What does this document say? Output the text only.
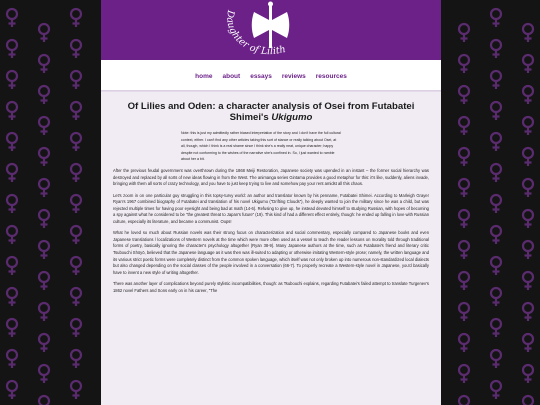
Daughter of Lilith
home about essays reviews resources
Of Lilies and Oden: a character analysis of Osei from Futabatei Shimei's Ukigumo

Note: this is just my admittedly rather biased interpretation of the story and I don't have the full cultural context, either. I can't find any other articles taking this sort of stance or really talking about Osei, at all, though, which I think is a real shame since I think she's a really neat, unique character; happy despite not conforming to the wishes of the narrative she's confined in. So, I just wanted to ramble about her a bit.

After the previous feudal government was overthrown during the 1868 Meiji Restoration, Japanese society was upended in an instant – the former social hierarchy was destroyed and replaced by all sorts of new ideas flowing in from the West. The animanga series Gintama provides a good metaphor for this: it's like, suddenly, aliens invade, bringing with them all sorts of crazy technology, and you have to just keep trying to live and somehow pay your rent amidst all this chaos.

Let's zoom in on one particular guy struggling in this topsy-turvy world: an author and translator known by his penname, Futabatei Shimei. According to Marleigh Grayer Ryan's 1967 combined biography of Futabatei and translation of his novel Ukigumo ("Drifting Clouds"), he deeply wanted to join the military since he was a child, but was rejected multiple times for having poor eyesight and being bad at math (14-6). Refusing to give up, he instead devoted himself to studying Russian, with hopes of becoming a spy against what he considered to be "the greatest threat to Japan's future" (19). This kind of had a different effect entirely, though: he ended up falling in love with Russian culture, especially its literature, and became a communist. Oops!

What he loved so much about Russian novels was their strong focus on characterization and social commentary, especially compared to Japanese books and even Japanese translations / localizations of Western novels at the time which were more often used as a vessel to teach the reader lessons on morality told through traditional forms of poetry, basically ignoring the character's psychology altogether (Ryan 38-9). Many Japanese authors at the time, such as Futabatei's friend and literary critic Tsubouchi Shōyō, believed that the Japanese language as it was then was ill-suited to adapting or otherwise imitating Western-style prose; namely, the written language and its various strict poetic forms were completely distinct from the common spoken language, which itself was not only broken up into numerous non-standardized local dialects but also changed depending on the social classes of the people involved in a conversation (66-7). To properly recreate a Western-style novel in Japanese, you'd basically have to invent a new style of writing altogether.

There was another layer of complications beyond purely stylistic incompatibilities, though: as Tsubouchi explains, regarding Futabatei's failed attempt to translate Turgenev's 1862 novel Fathers and Sons early on in his career, "The
